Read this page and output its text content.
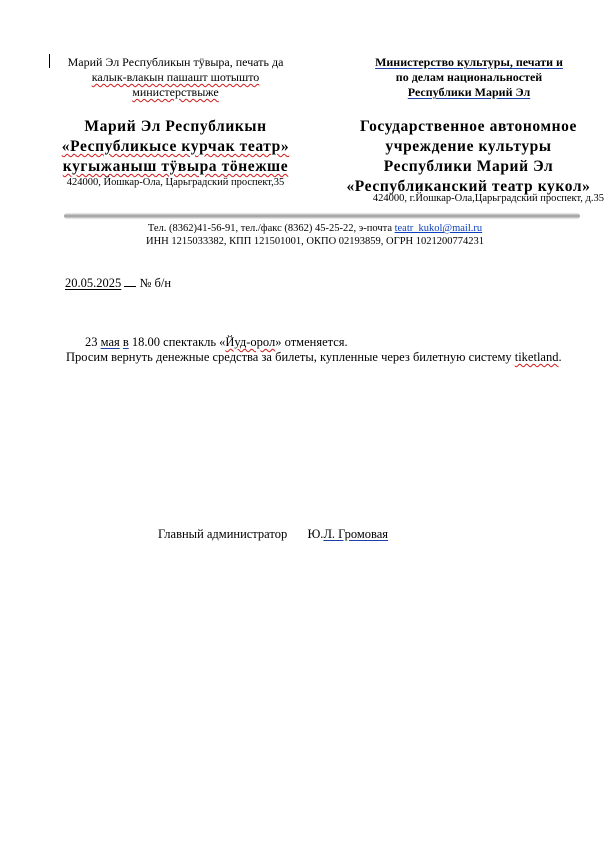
Марий Эл Республикын тӱвыра, печать да
калык-влакын пашашт шотышто
министерствыже
Министерство культуры, печати и
по делам национальностей
Республики Марий Эл
Марий Эл Республикын
«Республикысе курчак театр»
кугыжаныш тӱвыра тӧнежше
Государственное автономное
учреждение культуры
Республики Марий Эл
«Республиканский театр кукол»
424000, Йошкар-Ола, Царьградский проспект,35
424000, г.Йошкар-Ола,Царьградский проспект, д.35
Тел. (8362)41-56-91, тел./факс (8362) 45-25-22, э-почта teatr_kukol@mail.ru
ИНН 1215033382, КПП 121501001, ОКПО 02193859, ОГРН 1021200774231
20.05.2025 № б/н
23 мая в 18.00 спектакль «Йуд-орол» отменяется.
Просим вернуть денежные средства за билеты, купленные через билетную систему tiketland.
Главный администратор Ю.Л. Громовая
